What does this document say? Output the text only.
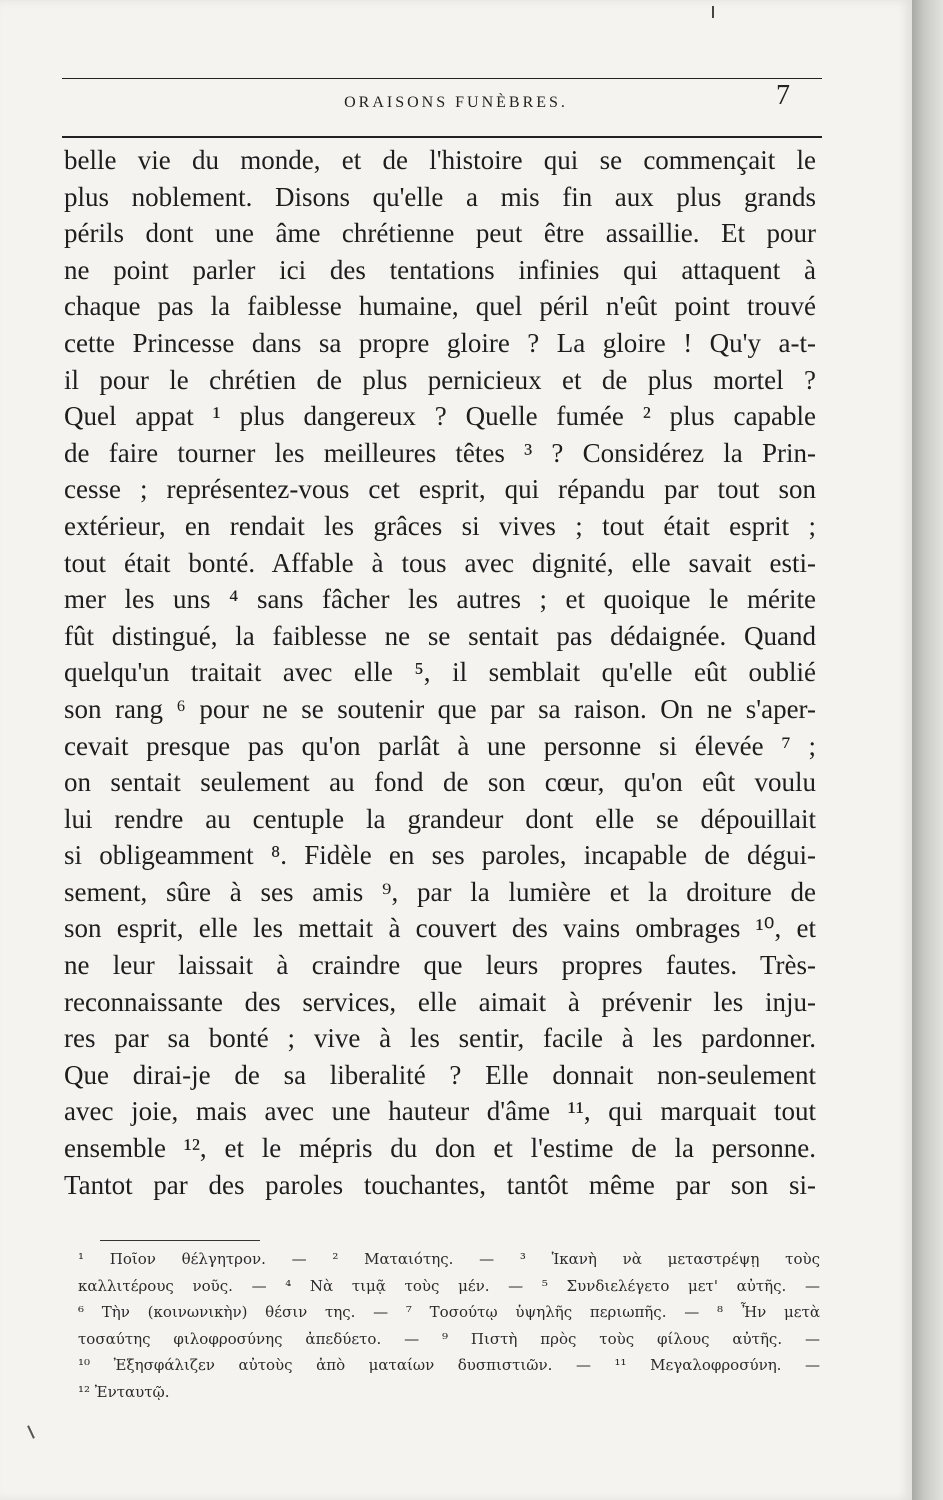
ORAISONS FUNÈBRES.	7
belle vie du monde, et de l'histoire qui se commençait le
plus noblement. Disons qu'elle a mis fin aux plus grands
périls dont une âme chrétienne peut être assaillie. Et pour
ne point parler ici des tentations infinies qui attaquent à
chaque pas la faiblesse humaine, quel péril n'eût point trouvé
cette Princesse dans sa propre gloire ? La gloire ! Qu'y a-t-
il pour le chrétien de plus pernicieux et de plus mortel ?
Quel appat ¹ plus dangereux ? Quelle fumée ² plus capable
de faire tourner les meilleures têtes ³ ? Considérez la Prin-
cesse ; représentez-vous cet esprit, qui répandu par tout son
extérieur, en rendait les grâces si vives ; tout était esprit ;
tout était bonté. Affable à tous avec dignité, elle savait esti-
mer les uns ⁴ sans fâcher les autres ; et quoique le mérite
fût distingué, la faiblesse ne se sentait pas dédaignée. Quand
quelqu'un traitait avec elle ⁵, il semblait qu'elle eût oublié
son rang ⁶ pour ne se soutenir que par sa raison. On ne s'aper-
cevait presque pas qu'on parlât à une personne si élevée ⁷ ;
on sentait seulement au fond de son cœur, qu'on eût voulu
lui rendre au centuple la grandeur dont elle se dépouillait
si obligeamment ⁸. Fidèle en ses paroles, incapable de dégui-
sement, sûre à ses amis ⁹, par la lumière et la droiture de
son esprit, elle les mettait à couvert des vains ombrages ¹⁰, et
ne leur laissait à craindre que leurs propres fautes. Très-
reconnaissante des services, elle aimait à prévenir les inju-
res par sa bonté ; vive à les sentir, facile à les pardonner.
Que dirai-je de sa liberalité ? Elle donnait non-seulement
avec joie, mais avec une hauteur d'âme ¹¹, qui marquait tout
ensemble ¹², et le mépris du don et l'estime de la personne.
Tantot par des paroles touchantes, tantôt même par son si-
¹ Ποῖον θέλγητρον. — ² Ματαιότης. — ³ Ἱκανὴ νὰ μεταστρέψῃ τοὺς
καλλιτέρους νοῦς. — ⁴ Νὰ τιμᾷ τοὺς μέν. — ⁵ Συνδιελέγετο μετ' αὐτῆς. —
⁶ Τὴν (κοινωνικὴν) θέσιν της. — ⁷ Τοσούτῳ ὑψηλῆς περιωπῆς. — ⁸ Ἦν μετὰ
τοσαύτης φιλοφροσύνης ἀπεδύετο. — ⁹ Πιστὴ πρὸς τοὺς φίλους αὐτῆς. —
¹⁰ Ἐξησφάλιζεν αὐτοὺς ἀπὸ ματαίων δυσπιστιῶν. — ¹¹ Μεγαλοφροσύνη. —
¹² Ἐνταυτῷ.
